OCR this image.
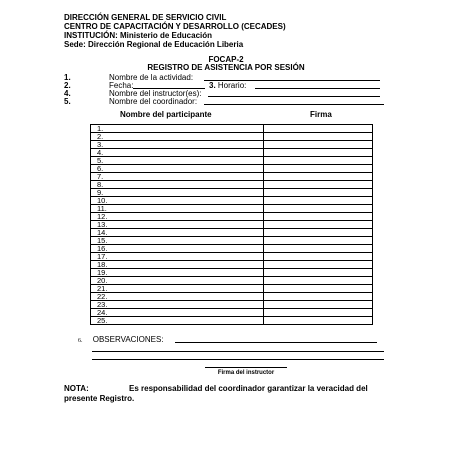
DIRECCIÓN GENERAL DE SERVICIO CIVIL
CENTRO DE CAPACITACIÓN Y DESARROLLO (CECADES)
INSTITUCIÓN: Ministerio de Educación
Sede: Dirección Regional de Educación Liberia
FOCAP-2
REGISTRO DE ASISTENCIA POR SESIÓN
1.	Nombre de la actividad:
2.	Fecha:	3. Horario:
4.	Nombre del instructor(es):
5.	Nombre del coordinador:
Nombre del participante	Firma
1.	
2.	
3.	
4.	
5.	
6.	
7.	
8.	
9.	
10.	
11.	
12.	
13.	
14.	
15.	
16.	
17.	
18.	
19.	
20.	
21.	
22.	
23.	
24.	
25.	
6. OBSERVACIONES:
Firma del instructor
NOTA:	Es responsabilidad del coordinador garantizar la veracidad del presente Registro.
